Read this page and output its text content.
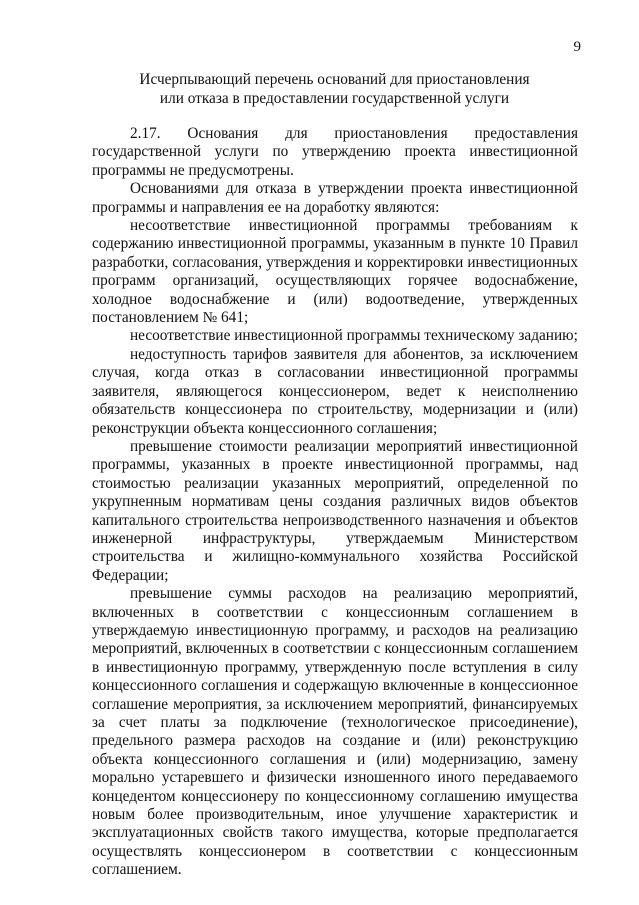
9
Исчерпывающий перечень оснований для приостановления
или отказа в предоставлении государственной услуги

2.17. Основания для приостановления предоставления государственной услуги по утверждению проекта инвестиционной программы не предусмотрены.

Основаниями для отказа в утверждении проекта инвестиционной программы и направления ее на доработку являются:

несоответствие инвестиционной программы требованиям к содержанию инвестиционной программы, указанным в пункте 10 Правил разработки, согласования, утверждения и корректировки инвестиционных программ организаций, осуществляющих горячее водоснабжение, холодное водоснабжение и (или) водоотведение, утвержденных постановлением № 641;

несоответствие инвестиционной программы техническому заданию;

недоступность тарифов заявителя для абонентов, за исключением случая, когда отказ в согласовании инвестиционной программы заявителя, являющегося концессионером, ведет к неисполнению обязательств концессионера по строительству, модернизации и (или) реконструкции объекта концессионного соглашения;

превышение стоимости реализации мероприятий инвестиционной программы, указанных в проекте инвестиционной программы, над стоимостью реализации указанных мероприятий, определенной по укрупненным нормативам цены создания различных видов объектов капитального строительства непроизводственного назначения и объектов инженерной инфраструктуры, утверждаемым Министерством строительства и жилищно-коммунального хозяйства Российской Федерации;

превышение суммы расходов на реализацию мероприятий, включенных в соответствии с концессионным соглашением в утверждаемую инвестиционную программу, и расходов на реализацию мероприятий, включенных в соответствии с концессионным соглашением в инвестиционную программу, утвержденную после вступления в силу концессионного соглашения и содержащую включенные в концессионное соглашение мероприятия, за исключением мероприятий, финансируемых за счет платы за подключение (технологическое присоединение), предельного размера расходов на создание и (или) реконструкцию объекта концессионного соглашения и (или) модернизацию, замену морально устаревшего и физически изношенного иного передаваемого концедентом концессионеру по концессионному соглашению имущества новым более производительным, иное улучшение характеристик и эксплуатационных свойств такого имущества, которые предполагается осуществлять концессионером в соответствии с концессионным соглашением.
